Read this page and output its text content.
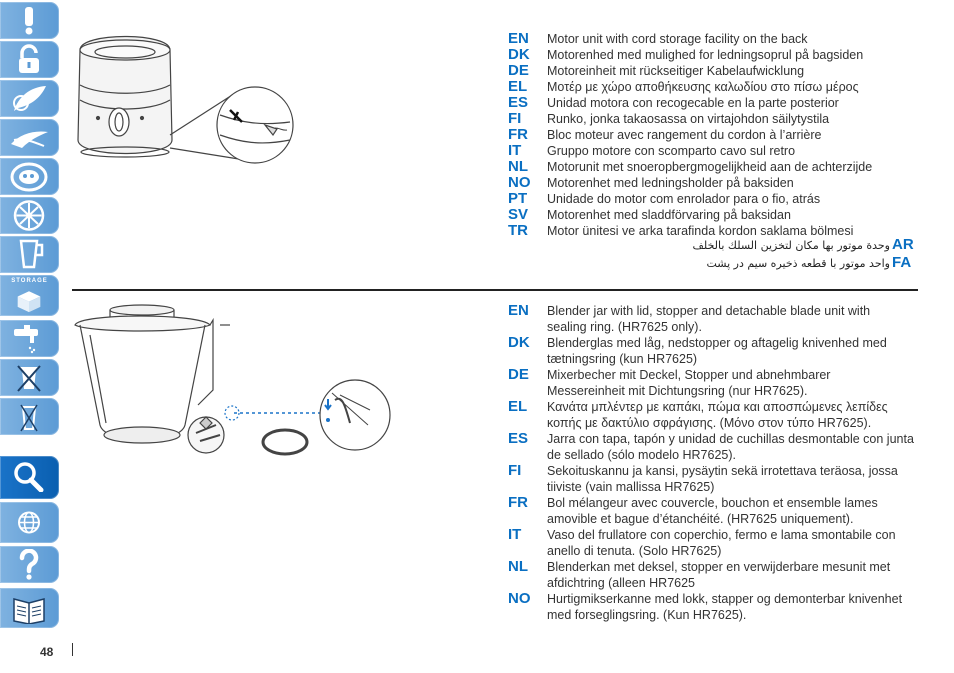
STORAGE
48
EN	Motor unit with cord storage facility on the back
DK	Motorenhed med mulighed for ledningsoprul på bagsiden
DE	Motoreinheit mit rückseitiger Kabelaufwicklung
EL	Μοτέρ με χώρο αποθήκευσης καλωδίου στο πίσω μέρος
ES	Unidad motora con recogecable en la parte posterior
FI	Runko, jonka takaosassa on virtajohdon säilytystila
FR	Bloc moteur avec rangement du cordon à l’arrière
IT	Gruppo motore con scomparto cavo sul retro
NL	Motorunit met snoeropbergmogelijkheid aan de achterzijde
NO	Motorenhet med ledningsholder på baksiden
PT	Unidade do motor com enrolador para o fio, atrás
SV	Motorenhet med sladdförvaring på baksidan
TR	Motor ünitesi ve arka tarafinda kordon saklama bölmesi
وحدة موتور بها مكان لتخزين السلك بالخلف AR
واحد موتور با قطعه ذخیره سیم در پشت FA
EN	Blender jar with lid, stopper and detachable blade unit with
sealing ring. (HR7625 only).
DK	Blenderglas med låg, nedstopper og aftagelig knivenhed med
tætningsring (kun HR7625)
DE	Mixerbecher mit Deckel, Stopper und abnehmbarer
Messereinheit mit Dichtungsring (nur HR7625).
EL	Κανάτα μπλέντερ με καπάκι, πώμα και αποσπώμενες λεπίδες
κοπής με δακτύλιο σφράγισης. (Μόνο στον τύπο HR7625).
ES	Jarra con tapa, tapón y unidad de cuchillas desmontable con junta
de sellado (sólo modelo HR7625).
FI	Sekoituskannu ja kansi, pysäytin sekä irrotettava teräosa, jossa
tiiviste (vain mallissa HR7625)
FR	Bol mélangeur avec couvercle, bouchon et ensemble lames
amovible et bague d’étanchéité. (HR7625 uniquement).
IT	Vaso del frullatore con coperchio, fermo e lama smontabile con
anello di tenuta. (Solo HR7625)
NL	Blenderkan met deksel, stopper en verwijderbare mesunit met
afdichtring (alleen HR7625
NO	Hurtigmikserkanne med lokk, stapper og demonterbar knivenhet
med forseglingsring. (Kun HR7625).
